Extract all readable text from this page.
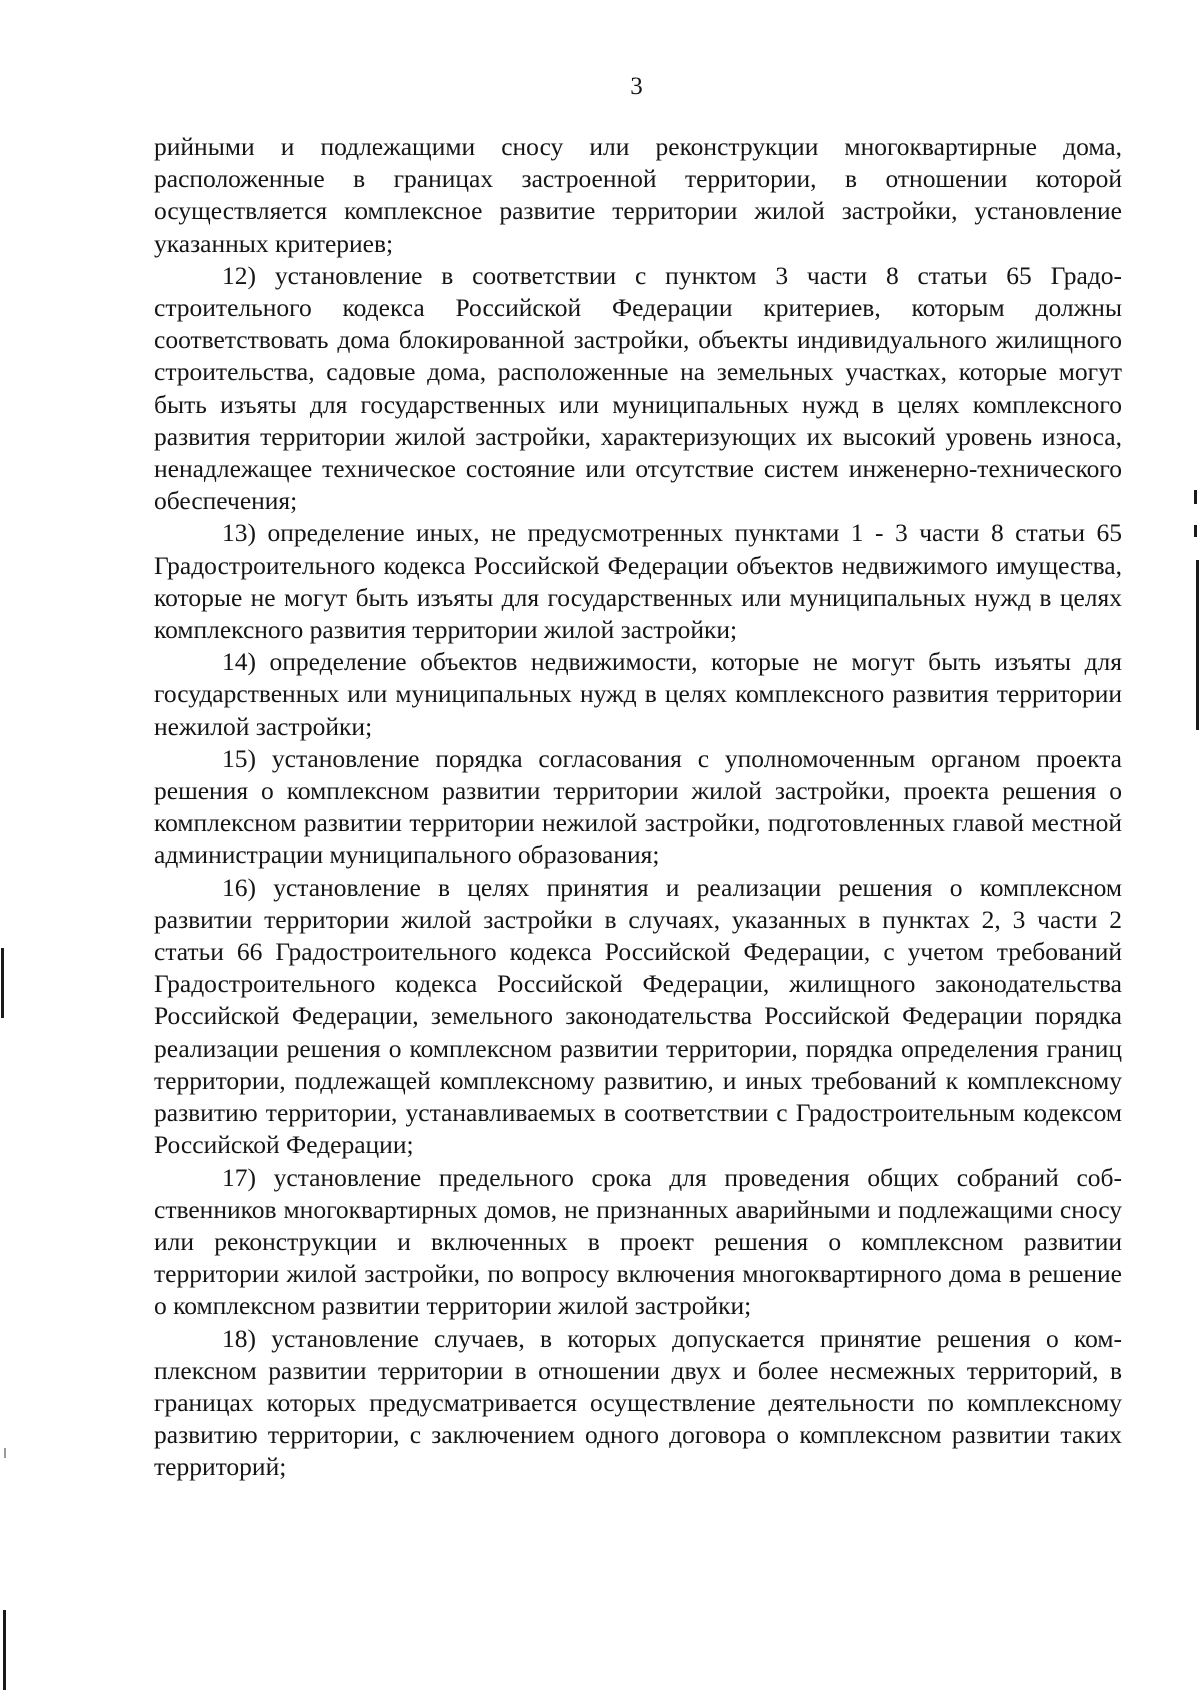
3

рийными и подлежащими сносу или реконструкции многоквартирные дома, расположенные в границах застроенной территории, в отношении которой осуществляется комплексное развитие территории жилой застройки, установление указанных критериев;

12) установление в соответствии с пунктом 3 части 8 статьи 65 Градостроительного кодекса Российской Федерации критериев, которым должны соответствовать дома блокированной застройки, объекты индивидуального жилищного строительства, садовые дома, расположенные на земельных участках, которые могут быть изъяты для государственных или муниципальных нужд в целях комплексного развития территории жилой застройки, характеризующих их высокий уровень износа, ненадлежащее техническое состояние или отсутствие систем инженерно-технического обеспечения;

13) определение иных, не предусмотренных пунктами 1 - 3 части 8 статьи 65 Градостроительного кодекса Российской Федерации объектов недвижимого имущества, которые не могут быть изъяты для государственных или муниципальных нужд в целях комплексного развития территории жилой застройки;

14) определение объектов недвижимости, которые не могут быть изъяты для государственных или муниципальных нужд в целях комплексного развития территории нежилой застройки;

15) установление порядка согласования с уполномоченным органом проекта решения о комплексном развитии территории жилой застройки, проекта решения о комплексном развитии территории нежилой застройки, подготовленных главой местной администрации муниципального образования;

16) установление в целях принятия и реализации решения о комплексном развитии территории жилой застройки в случаях, указанных в пунктах 2, 3 части 2 статьи 66 Градостроительного кодекса Российской Федерации, с учетом требований Градостроительного кодекса Российской Федерации, жилищного законодательства Российской Федерации, земельного законодательства Российской Федерации порядка реализации решения о комплексном развитии территории, порядка определения границ территории, подлежащей комплексному развитию, и иных требований к комплексному развитию территории, устанавливаемых в соответствии с Градостроительным кодексом Российской Федерации;

17) установление предельного срока для проведения общих собраний собственников многоквартирных домов, не признанных аварийными и подлежащими сносу или реконструкции и включенных в проект решения о комплексном развитии территории жилой застройки, по вопросу включения многоквартирного дома в решение о комплексном развитии территории жилой застройки;

18) установление случаев, в которых допускается принятие решения о комплексном развитии территории в отношении двух и более несмежных территорий, в границах которых предусматривается осуществление деятельности по комплексному развитию территории, с заключением одного договора о комплексном развитии таких территорий;
